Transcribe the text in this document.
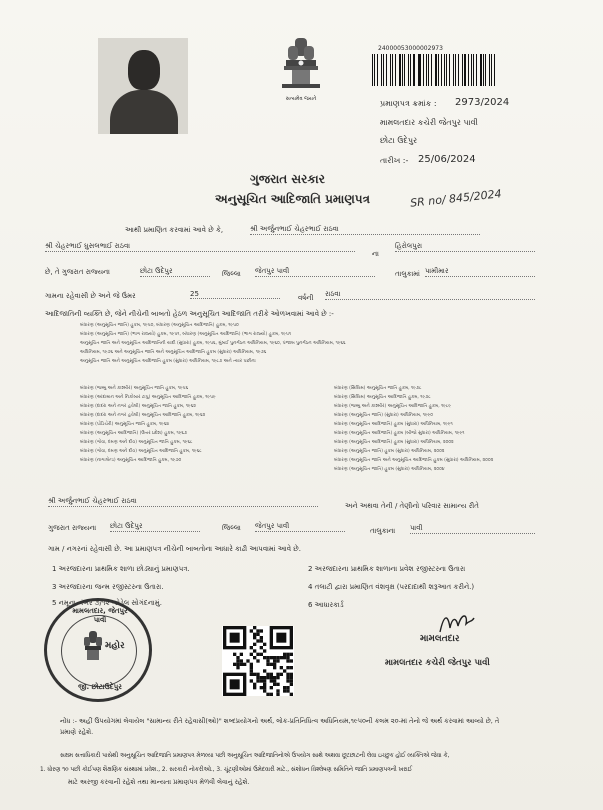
સત્યમેવ જયતે
24000053000002973
પ્રમાણપત્ર ક્રમાંક : 2973/2024
મામલતદાર કચેરી જેતપુર પાવી
છોટા ઉદેપુર
તારીખ :- 25/06/2024
ગુજરાત સરકાર
અનુસૂચિત આદિજાતિ પ્રમાણપત્ર	SR no/ 845/2024
આથી પ્રમાણિત કરવામાં આવે છે કે,	શ્રી અર્જુનભાઈ ચેહરભાઈ રાઠવા
શ્રી ચેહરભાઈ ઘુસલભાઈ રાઠવા
ના
હિરોલપુરા
છે, તે ગુજરાત રાજ્યના	છોટા ઉદેપુર	જિલ્લા જેતપુર પાવી	તાલુકામાં પામીમાર
ગામના રહેવાસી છે અને જે ઉંમર	25	વર્ષની રાઠવા
આદિજાતિની વ્યક્તિ છે, જેને નીચેની બાબતો હેઠળ અનુસૂચિત આદિજાતિ તરીકે ઓળખવામાં આવે છે :-
બંધારણ (અનુસૂચિત જાતિ) હુકમ, ૧૯૫૦, બંધારણ (અનુસૂચિત આદિજાતિ) હુકમ, ૧૯૫૦
બંધારણ (અનુસૂચિત જાતિ) (ભાગ રાજ્યો) હુકમ, ૧૯૫૧, બંધારણ (અનુસૂચિત આદિજાતિ) (ભાગ રાજ્યો) હુકમ, ૧૯૫૧
અનુસૂચિત જાતિ અને અનુસૂચિત આદિજાતિની યાદી (સુધારા) હુકમ, ૧૯૫૬, મુંબઈ પુનર્ગઠન અધિનિયમ, ૧૯૬૦, પંજાબ પુનર્ગઠન અધિનિયમ, ૧૯૬૬
અધિનિયમ, ૧૯૭૬ અને અનુસૂચિત જાતિ અને અનુસૂચિત આદિજાતિ હુકમ (સુધારા) અધિનિયમ, ૧૯૭૬
અનુસૂચિત જાતિ અને અનુસૂચિત આદિજાતિ હુકમ (સુધારા) અધિનિયમ, ૧૯૮૭ અને ત્યાર પછીના
બંધારણ (જમ્મુ અને કાશ્મીર) અનુસૂચિત જાતિ હુકમ, ૧૯૫૬
બંધારણ (આંદામાન અને નિકોબાર ટાપુ) અનુસૂચિત આદિજાતિ હુકમ, ૧૯૫૯
બંધારણ (દાદરા અને નગર હવેલી) અનુસૂચિત જાતિ હુકમ, ૧૯૬૨
બંધારણ (દાદરા અને નગર હવેલી) અનુસૂચિત આદિજાતિ હુકમ, ૧૯૬૨
બંધારણ (પોંડિચેરી) અનુસૂચિત જાતિ હુકમ, ૧૯૬૪
બંધારણ (અનુસૂચિત આદિજાતિ) (ઉત્તર પ્રદેશ) હુકમ, ૧૯૬૭
બંધારણ (ગોવા, દમણ અને દીવ) અનુસૂચિત જાતિ હુકમ, ૧૯૬૮
બંધારણ (ગોવા, દમણ અને દીવ) અનુસૂચિત આદિજાતિ હુકમ, ૧૯૬૮
બંધારણ (નાગાલેન્ડ) અનુસૂચિત આદિજાતિ હુકમ, ૧૯૭૦
બંધારણ (સિક્કિમ) અનુસૂચિત જાતિ હુકમ, ૧૯૭૮
બંધારણ (સિક્કિમ) અનુસૂચિત આદિજાતિ હુકમ, ૧૯૭૮
બંધારણ (જમ્મુ અને કાશ્મીર) અનુસૂચિત આદિજાતિ હુકમ, ૧૯૮૯
બંધારણ (અનુસૂચિત જાતિ) (સુધારા) અધિનિયમ, ૧૯૯૦
બંધારણ (અનુસૂચિત આદિજાતિ) હુકમ (સુધારા) અધિનિયમ, ૧૯૯૧
બંધારણ (અનુસૂચિત આદિજાતિ) હુકમ (બીજો સુધારા) અધિનિયમ, ૧૯૯૧
બંધારણ (અનુસૂચિત આદિજાતિ) હુકમ (સુધારા) અધિનિયમ, ૨૦૦૨
બંધારણ (અનુસૂચિત જાતિ) હુકમ (સુધારા) અધિનિયમ, ૨૦૦૨
બંધારણ (અનુસૂચિત જાતિ અને અનુસૂચિત આદિજાતિ હુકમ (સુધારા) અધિનિયમ, ૨૦૦૨
બંધારણ (અનુસૂચિત જાતિ) હુકમ (સુધારા) અધિનિયમ, ૨૦૦૪
શ્રી અર્જુનભાઈ ચેહરભાઈ રાઠવા
અને અથવા તેની / તેણીનો પરિવાર સામાન્ય રીતે
ગુજરાત રાજ્યના છોટા ઉદેપુર	જિલ્લા જેતપુર પાવી
તાલુકાના પાવી
ગામ / નગરનાં રહેવાસી છે. આ પ્રમાણપત્ર નીચેની બાબતોના આધારે કાઢી આપવામાં આવે છે.
1 અરજદારના પ્રાથમિક શાળા છોડ્યાનું પ્રમાણપત્ર.	2 અરજદારના પ્રાથમિક શાળાના પ્રવેશ રજીસ્ટરના ઉતારા
3 અરજદારના જન્મ રજીસ્ટરના ઉતારા.	4 તલાટી દ્વારા પ્રમાણિત વંશવૃક્ષ (પરદાદાથી શરૂઆત કરીને.)
5 નમૂના નંબર ૭/૧૨ જોડેલ સોગંદનામું.	6 આધારકાર્ડ
મામલતદાર, જેતપુર પાવી
મહોર
જી. છોટાઉદેપુર
મામલતદાર
મામલતદાર કચેરી જેતપુર પાવી
નોંધ :- અહીં ઉપયોગમાં લેવાયેલ "સામાન્ય રીતે રહેવાસી(ઓ)" શબ્દપ્રયોગનો અર્થ, લોક-પ્રતિનિધિત્વ અધિનિયમ,૧૯૫૦ની કલમ ૨૦-માં તેનો જે અર્થ કરવામાં આવ્યો છે, તે
પ્રમાણે રહેશે.
સક્ષમ સત્તાધિકારી પાસેથી અનુસૂચિત આદિજાતિ પ્રમાણપત્ર મેળવ્યા પછી અનુસૂચિત આદિજાતિનોએ ઉપયોગ સાથે અથવા છૂટછાટની લેવા ઇચ્છુક હોઈ વ્યક્તિએ જેવા કે,
1. ધોરણ ૧૦ પછી કોઈપણ શૈક્ષણિક સંસ્થામાં પ્રવેશ., 2. સરકારી નોકરીઓ., 3. ચૂંટણીઓમાં ઉમેદવારી માટે., સંશોધન વિશ્લેષણ સમિતિને જાતિ પ્રમાણપત્રની ખરાઈ
માટે અરજી કરવાની રહેશે તથા માન્યતા પ્રમાણપત્ર મેળવી લેવાનું રહેશે.
